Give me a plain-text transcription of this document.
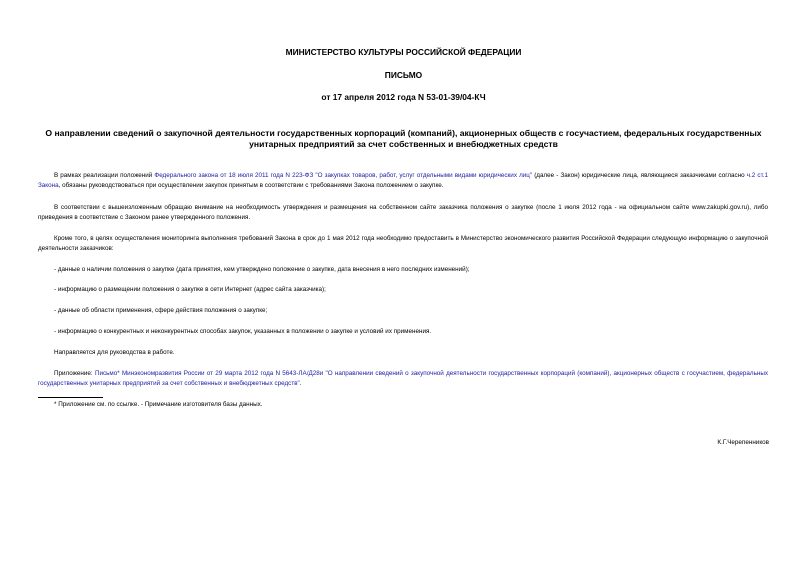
МИНИСТЕРСТВО КУЛЬТУРЫ РОССИЙСКОЙ ФЕДЕРАЦИИ
ПИСЬМО
от 17 апреля 2012 года N 53-01-39/04-КЧ
О направлении сведений о закупочной деятельности государственных корпораций (компаний), акционерных обществ с госучастием, федеральных государственных унитарных предприятий за счет собственных и внебюджетных средств
В рамках реализации положений Федерального закона от 18 июля 2011 года N 223-ФЗ "О закупках товаров, работ, услуг отдельными видами юридических лиц" (далее - Закон) юридические лица, являющиеся заказчиками согласно ч.2 ст.1 Закона, обязаны руководствоваться при осуществлении закупок принятым в соответствии с требованиями Закона положением о закупке.
В соответствии с вышеизложенным обращаю внимание на необходимость утверждения и размещения на собственном сайте заказчика положения о закупке (после 1 июля 2012 года - на официальном сайте www.zakupki.gov.ru), либо приведения в соответствие с Законом ранее утвержденного положения.
Кроме того, в целях осуществления мониторинга выполнения требований Закона в срок до 1 мая 2012 года необходимо предоставить в Министерство экономического развития Российской Федерации следующую информацию о закупочной деятельности заказчиков:
- данные о наличии положения о закупке (дата принятия, кем утверждено положение о закупке, дата внесения в него последних изменений);
- информацию о размещении положения о закупке в сети Интернет (адрес сайта заказчика);
- данные об области применения, сфере действия положения о закупке;
- информацию о конкурентных и неконкурентных способах закупок, указанных в положении о закупке и условий их применения.
Направляется для руководства в работе.
Приложение: Письмо* Минэкономразвития России от 29 марта 2012 года N 5643-ЛА/Д28и "О направлении сведений о закупочной деятельности государственных корпораций (компаний), акционерных обществ с госучастием, федеральных государственных унитарных предприятий за счет собственных и внебюджетных средств".
* Приложение см. по ссылке. - Примечание изготовителя базы данных.
К.Г.Черепенников
